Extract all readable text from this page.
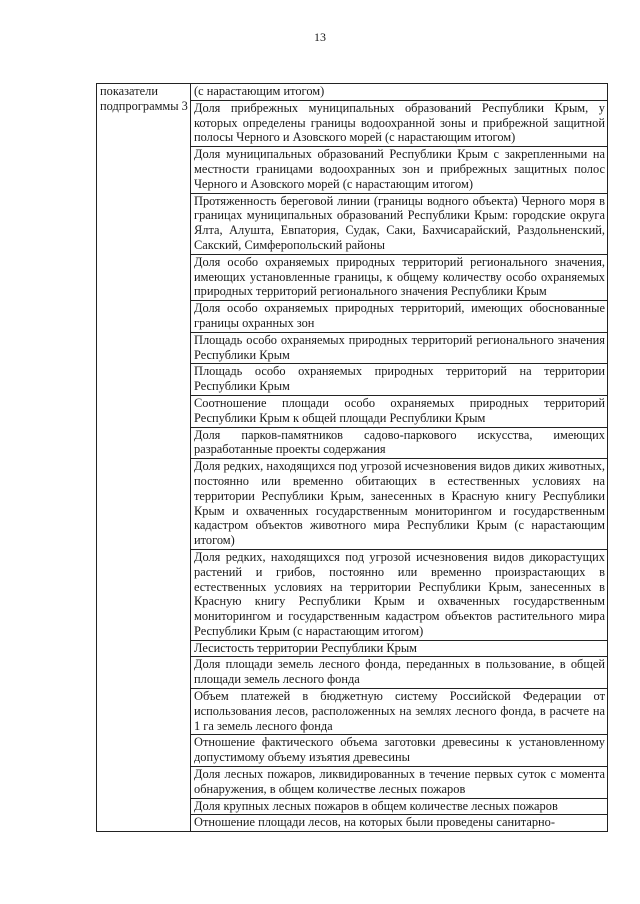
13
показатели подпрограммы 3	(с нарастающим итогом)
Доля прибрежных муниципальных образований Республики Крым, у которых определены границы водоохранной зоны и прибрежной защитной полосы Черного и Азовского морей (с нарастающим итогом)
Доля муниципальных образований Республики Крым с закрепленными на местности границами водоохранных зон и прибрежных защитных полос Черного и Азовского морей (с нарастающим итогом)
Протяженность береговой линии (границы водного объекта) Черного моря в границах муниципальных образований Республики Крым: городские округа Ялта, Алушта, Евпатория, Судак, Саки, Бахчисарайский, Раздольненский, Сакский, Симферопольский районы
Доля особо охраняемых природных территорий регионального значения, имеющих установленные границы, к общему количеству особо охраняемых природных территорий регионального значения Республики Крым
Доля особо охраняемых природных территорий, имеющих обоснованные границы охранных зон
Площадь особо охраняемых природных территорий регионального значения Республики Крым
Площадь особо охраняемых природных территорий на территории Республики Крым
Соотношение площади особо охраняемых природных территорий Республики Крым к общей площади Республики Крым
Доля парков-памятников садово-паркового искусства, имеющих разработанные проекты содержания
Доля редких, находящихся под угрозой исчезновения видов диких животных, постоянно или временно обитающих в естественных условиях на территории Республики Крым, занесенных в Красную книгу Республики Крым и охваченных государственным мониторингом и государственным кадастром объектов животного мира Республики Крым (с нарастающим итогом)
Доля редких, находящихся под угрозой исчезновения видов дикорастущих растений и грибов, постоянно или временно произрастающих в естественных условиях на территории Республики Крым, занесенных в Красную книгу Республики Крым и охваченных государственным мониторингом и государственным кадастром объектов растительного мира Республики Крым (с нарастающим итогом)
Лесистость территории Республики Крым
Доля площади земель лесного фонда, переданных в пользование, в общей площади земель лесного фонда
Объем платежей в бюджетную систему Российской Федерации от использования лесов, расположенных на землях лесного фонда, в расчете на 1 га земель лесного фонда
Отношение фактического объема заготовки древесины к установленному допустимому объему изъятия древесины
Доля лесных пожаров, ликвидированных в течение первых суток с момента обнаружения, в общем количестве лесных пожаров
Доля крупных лесных пожаров в общем количестве лесных пожаров
Отношение площади лесов, на которых были проведены санитарно-
